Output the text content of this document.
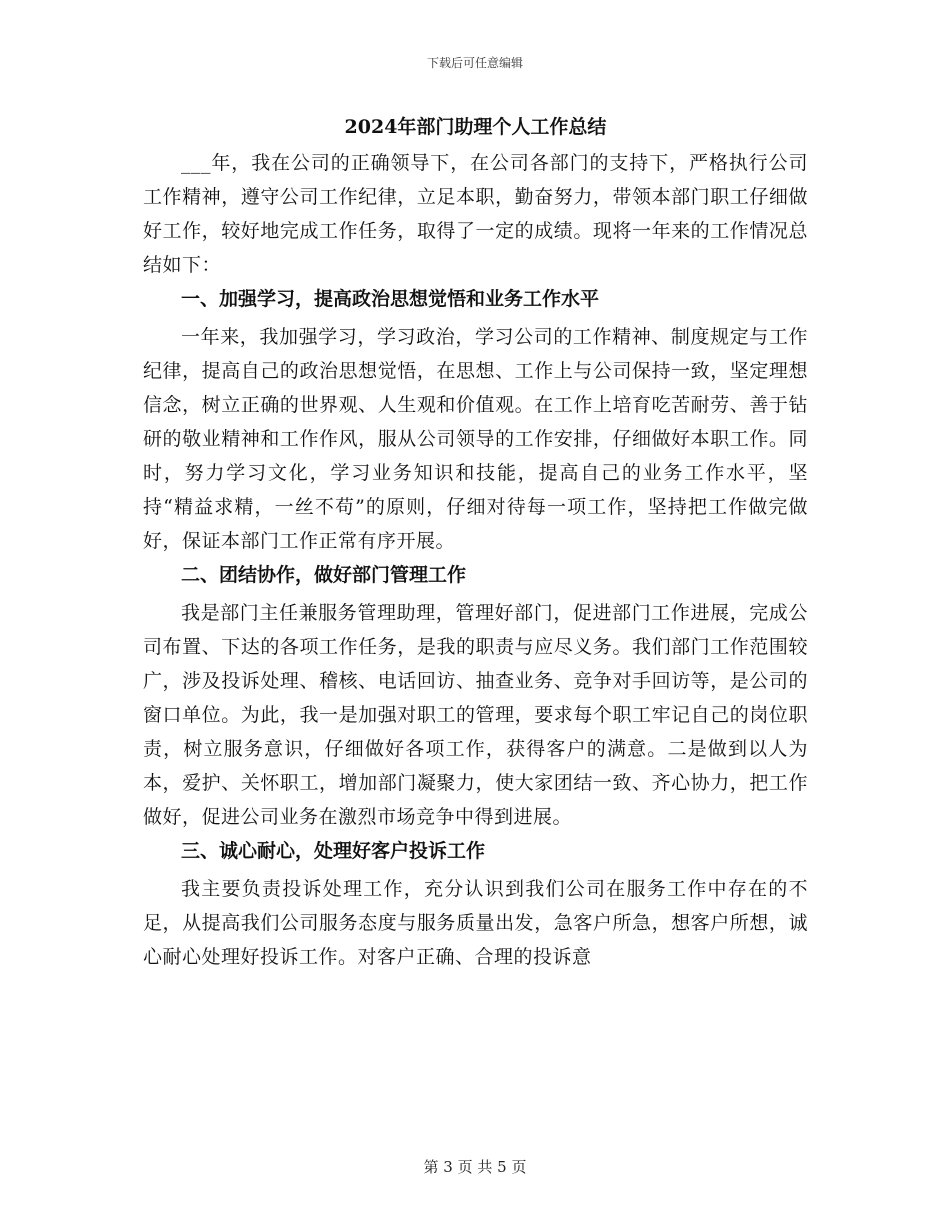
下载后可任意编辑
2024年部门助理个人工作总结

___年，我在公司的正确领导下，在公司各部门的支持下，严格执行公司工作精神，遵守公司工作纪律，立足本职，勤奋努力，带领本部门职工仔细做好工作，较好地完成工作任务，取得了一定的成绩。现将一年来的工作情况总结如下：

一、加强学习，提高政治思想觉悟和业务工作水平

一年来，我加强学习，学习政治，学习公司的工作精神、制度规定与工作纪律，提高自己的政治思想觉悟，在思想、工作上与公司保持一致，坚定理想信念，树立正确的世界观、人生观和价值观。在工作上培育吃苦耐劳、善于钻研的敬业精神和工作作风，服从公司领导的工作安排，仔细做好本职工作。同时，努力学习文化，学习业务知识和技能，提高自己的业务工作水平，坚持“精益求精，一丝不苟”的原则，仔细对待每一项工作，坚持把工作做完做好，保证本部门工作正常有序开展。

二、团结协作，做好部门管理工作

我是部门主任兼服务管理助理，管理好部门，促进部门工作进展，完成公司布置、下达的各项工作任务，是我的职责与应尽义务。我们部门工作范围较广，涉及投诉处理、稽核、电话回访、抽查业务、竞争对手回访等，是公司的窗口单位。为此，我一是加强对职工的管理，要求每个职工牢记自己的岗位职责，树立服务意识，仔细做好各项工作，获得客户的满意。二是做到以人为本，爱护、关怀职工，增加部门凝聚力，使大家团结一致、齐心协力，把工作做好，促进公司业务在激烈市场竞争中得到进展。

三、诚心耐心，处理好客户投诉工作

我主要负责投诉处理工作，充分认识到我们公司在服务工作中存在的不足，从提高我们公司服务态度与服务质量出发，急客户所急，想客户所想，诚心耐心处理好投诉工作。对客户正确、合理的投诉意

第 3 页 共 5 页
